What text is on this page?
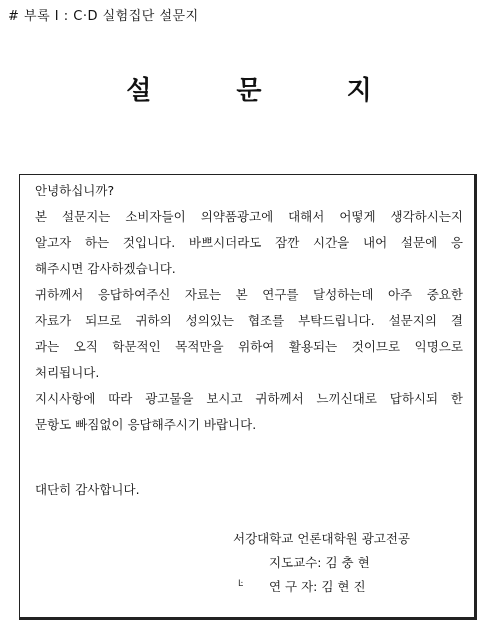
# 부록 I : C·D 실험집단 설문지
설 문 지
안녕하십니까?
본 설문지는 소비자들이 의약품광고에 대해서 어떻게 생각하시는지
알고자 하는 것입니다. 바쁘시더라도 잠깐 시간을 내어 설문에 응
해주시면 감사하겠습니다.
귀하께서 응답하여주신 자료는 본 연구를 달성하는데 아주 중요한
자료가 되므로 귀하의 성의있는 협조를 부탁드립니다. 설문지의 결
과는 오직 학문적인 목적만을 위하여 활용되는 것이므로 익명으로
처리됩니다.
지시사항에 따라 광고물을 보시고 귀하께서 느끼신대로 답하시되 한
문항도 빠짐없이 응답해주시기 바랍니다.
대단히 감사합니다.
서강대학교 언론대학원 광고전공
지도교수: 김 충 현
Ŀ 연 구 자: 김 현 진
